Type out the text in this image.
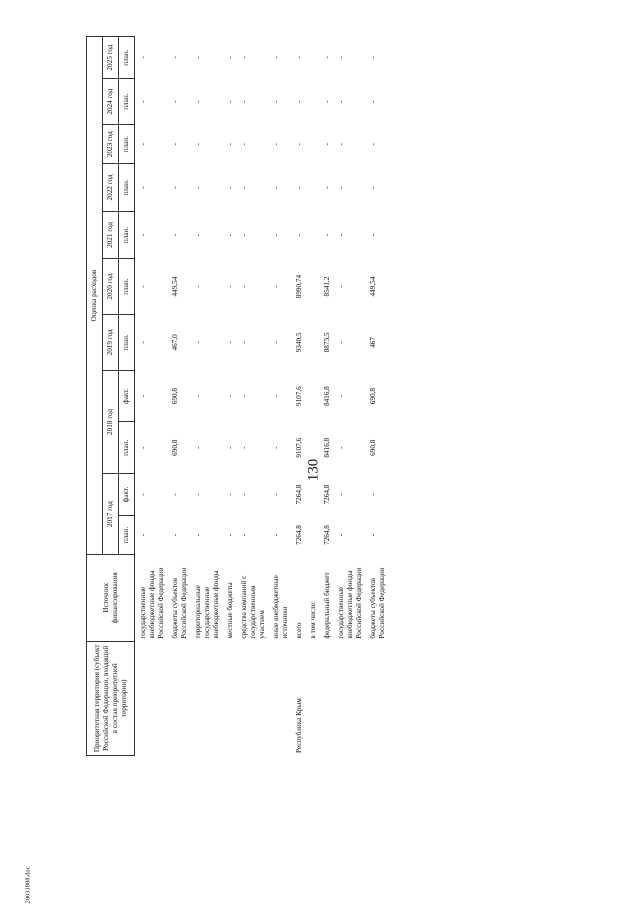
130
20031808.doc
Приоритетная территория (субъект Российской Федерации, входящий в состав приоритетной территории)	Источник финансирования	Оценка расходов										
		2017 год		2018 год		2019 год	2020 год	2021 год	2022 год	2023 год	2024 год	2025 год
		план.	факт.	план.	факт.	план.	план.	план.	план.	план.	план.	план.

	государственные внебюджетные фонды Российской Федерации	-	-	-	-	-	-	-	-	-	-	-

	бюджеты субъектов Российской Федерации	-	-	690,8	690,8	467,0	449,54	-	-	-	-	-

	территориальные государственные внебюджетные фонды	-	-	-	-	-	-	-	-	-	-	-

	местные бюджеты	-	-	-	-	-	-	-	-	-	-	-

	средства компаний с государственным участием	-	-	-	-	-	-	-	-	-	-	-

	иные внебюджетные источники	-	-	-	-	-	-	-	-	-	-	-

Республика Крым	всего	7264,8	7264,8	9107,6	9107,6	9340,5	8990,74	-	-	-	-	-

	в том числе:											

	федеральный бюджет	7264,8	7264,8	8416,8	8416,8	8873,5	8541,2	-	-	-	-	-

	государственные внебюджетные фонды Российской Федерации	-	-	-	-	-	-	-	-	-	-	-

	бюджеты субъектов Российской Федерации	-	-	690,8	690,8	467	449,54	-	-	-	-	-
